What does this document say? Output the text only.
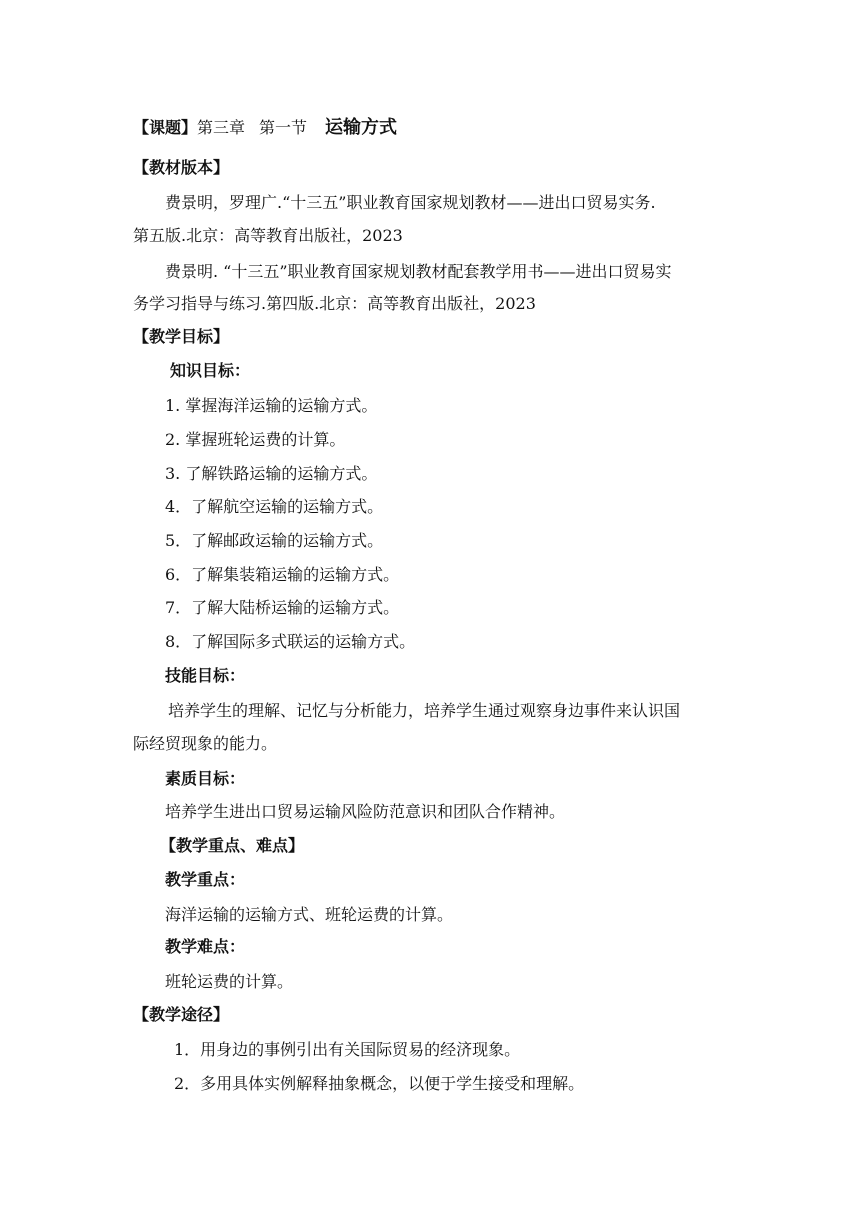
【课题】第三章 第一节 运输方式
【教材版本】
费景明，罗理广.“十三五”职业教育国家规划教材——进出口贸易实务.
第五版.北京：高等教育出版社，2023
费景明. “十三五”职业教育国家规划教材配套教学用书——进出口贸易实
务学习指导与练习.第四版.北京：高等教育出版社，2023
【教学目标】
知识目标：
1. 掌握海洋运输的运输方式。
2. 掌握班轮运费的计算。
3. 了解铁路运输的运输方式。
4．了解航空运输的运输方式。
5．了解邮政运输的运输方式。
6．了解集装箱运输的运输方式。
7．了解大陆桥运输的运输方式。
8．了解国际多式联运的运输方式。
技能目标：
培养学生的理解、记忆与分析能力，培养学生通过观察身边事件来认识国
际经贸现象的能力。
素质目标：
培养学生进出口贸易运输风险防范意识和团队合作精神。
【教学重点、难点】
教学重点：
海洋运输的运输方式、班轮运费的计算。
教学难点：
班轮运费的计算。
【教学途径】
1．用身边的事例引出有关国际贸易的经济现象。
2．多用具体实例解释抽象概念，以便于学生接受和理解。
